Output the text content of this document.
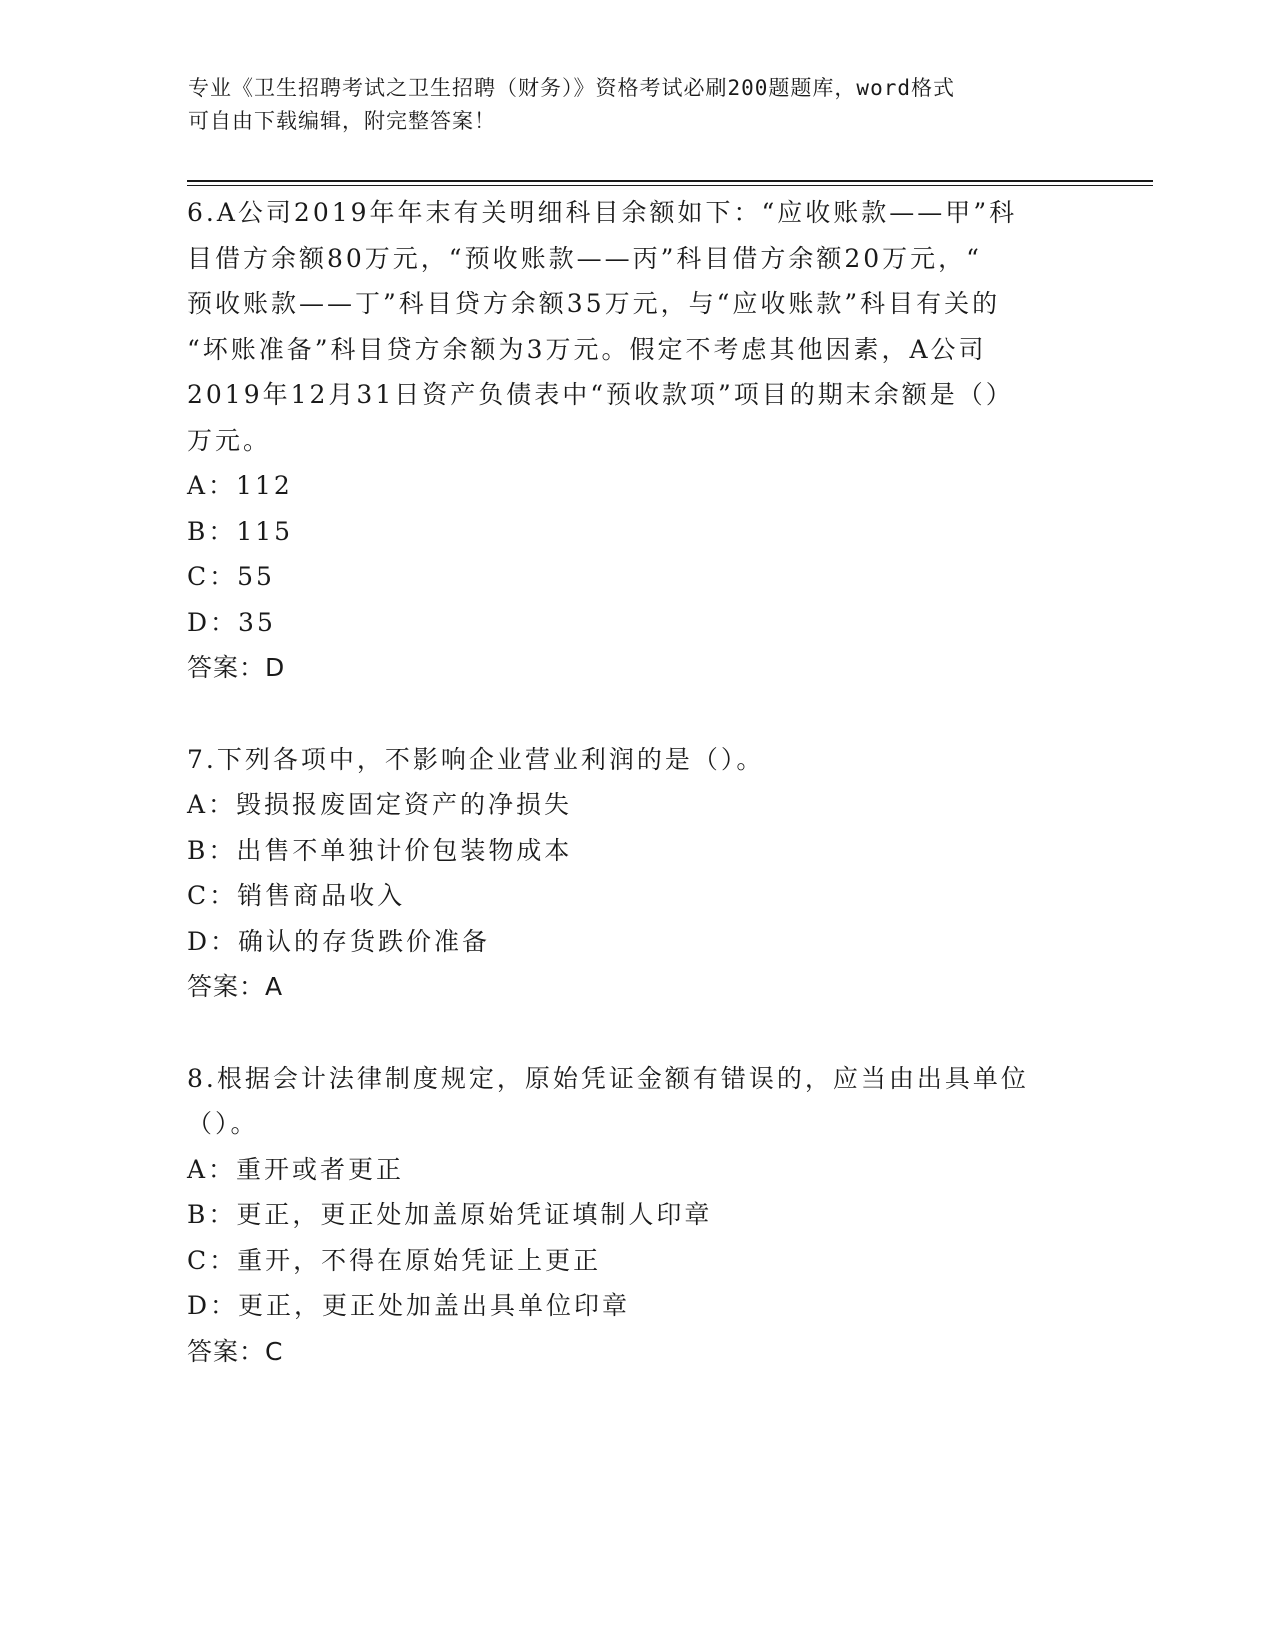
专业《卫生招聘考试之卫生招聘（财务）》资格考试必刷200题题库，word格式
可自由下载编辑，附完整答案！
6.A公司2019年年末有关明细科目余额如下：“应收账款——甲”科
目借方余额80万元，“预收账款——丙”科目借方余额20万元，“
预收账款——丁”科目贷方余额35万元，与“应收账款”科目有关的
“坏账准备”科目贷方余额为3万元。假定不考虑其他因素，A公司
2019年12月31日资产负债表中“预收款项”项目的期末余额是（）
万元。
A：112
B：115
C：55
D：35
答案：D
7.下列各项中，不影响企业营业利润的是（）。
A：毁损报废固定资产的净损失
B：出售不单独计价包装物成本
C：销售商品收入
D：确认的存货跌价准备
答案：A
8.根据会计法律制度规定，原始凭证金额有错误的，应当由出具单位
（）。
A：重开或者更正
B：更正，更正处加盖原始凭证填制人印章
C：重开，不得在原始凭证上更正
D：更正，更正处加盖出具单位印章
答案：C
